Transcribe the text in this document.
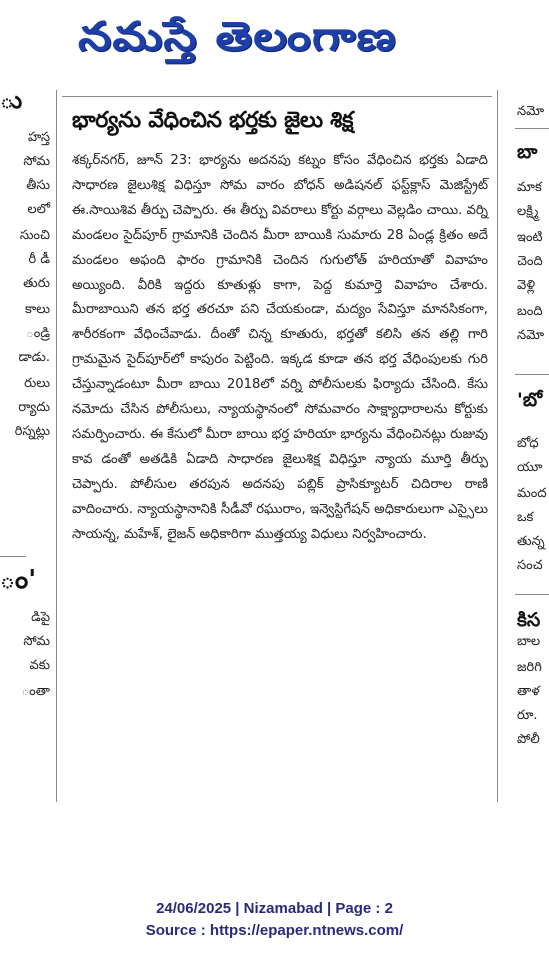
నమస్తే తెలంగాణ
ు
హస్త
సోమ
తీసు
లలో
సుంచి
రీ డీ
తురు
కాలు
ండ్రి
డాడు.
రులు
ర్యాదు
రిస్నట్లు
డిపై
సోమ
వకు
ంతా
ం'
భార్యను వేధించిన భర్తకు జైలు శిక్ష
శక్కర్‌నగర్, జూన్ 23: భార్యను అదనపు కట్నం కోసం వేధించిన భర్తకు ఏడాది సాధారణ జైలుశిక్ష విధిస్తూ సోమ వారం బోధన్ అడిషనల్ ఫస్ట్‌క్లాస్ మెజిస్ట్రేట్ ఈ.సాయిశివ తీర్పు చెప్పారు. ఈ తీర్పు వివరాలు కోర్టు వర్గాలు వెల్లడిం చాయి. వర్ని మండలం సైద్‌పూర్ గ్రామానికి చెందిన మీరా బాయికి సుమారు 28 ఏండ్ల క్రితం అదే మండలం అఫంది ఫారం గ్రామానికి చెందిన గుగులోత్ హరియాతో వివాహం అయ్యింది. వీరికి ఇద్దరు కూతుళ్లు కాగా, పెద్ద కుమార్తె వివాహం చేశారు. మీరాబాయిని తన భర్త తరచూ పని చేయకుండా, మద్యం సేవిస్తూ మానసికంగా, శారీరకంగా వేధించేవాడు. దీంతో చిన్న కూతురు, భర్తతో కలిసి తన తల్లి గారి గ్రామమైన సైద్‌పూర్‌లో కాపురం పెట్టింది. ఇక్కడ కూడా తన భర్త వేధింపులకు గురి చేస్తున్నాడంటూ మీరా బాయి 2018లో వర్ని పోలీసులకు ఫిర్యాదు చేసింది. కేసు నమోదు చేసిన పోలీసులు, న్యాయస్థానంలో సోమవారం సాక్ష్యాధారాలను కోర్టుకు సమర్పించారు. ఈ కేసులో మీరా బాయి భర్త హరియా భార్యను వేధించినట్లు రుజువు కావ డంతో అతడికి ఏడాది సాధారణ జైలుశిక్ష విధిస్తూ న్యాయ మూర్తి తీర్పు చెప్పారు. పోలీసుల తరపున అదనపు పబ్లిక్ ప్రాసిక్యూటర్ చిదిరాల రాణి వాదించారు. న్యాయస్థానానికి సీడీవో రఘురాం, ఇన్వెస్టిగేషన్ అధికారులుగా ఎస్సైలు సాయన్న, మహేశ్, లైజన్ అధికారిగా ముత్తయ్య విధులు నిర్వహించారు.
నమో
మాక
లక్ష్మి
ఇంటి
చెంది
వెళ్లి
బంది
నమో
బోధ
యూ
మంద
ఒక
తున్న
సంచ
బాల
జరిగి
తాళ
రూ.
పోలీ
బా
'బో
కిస
24/06/2025 | Nizamabad | Page : 2
Source : https://epaper.ntnews.com/
